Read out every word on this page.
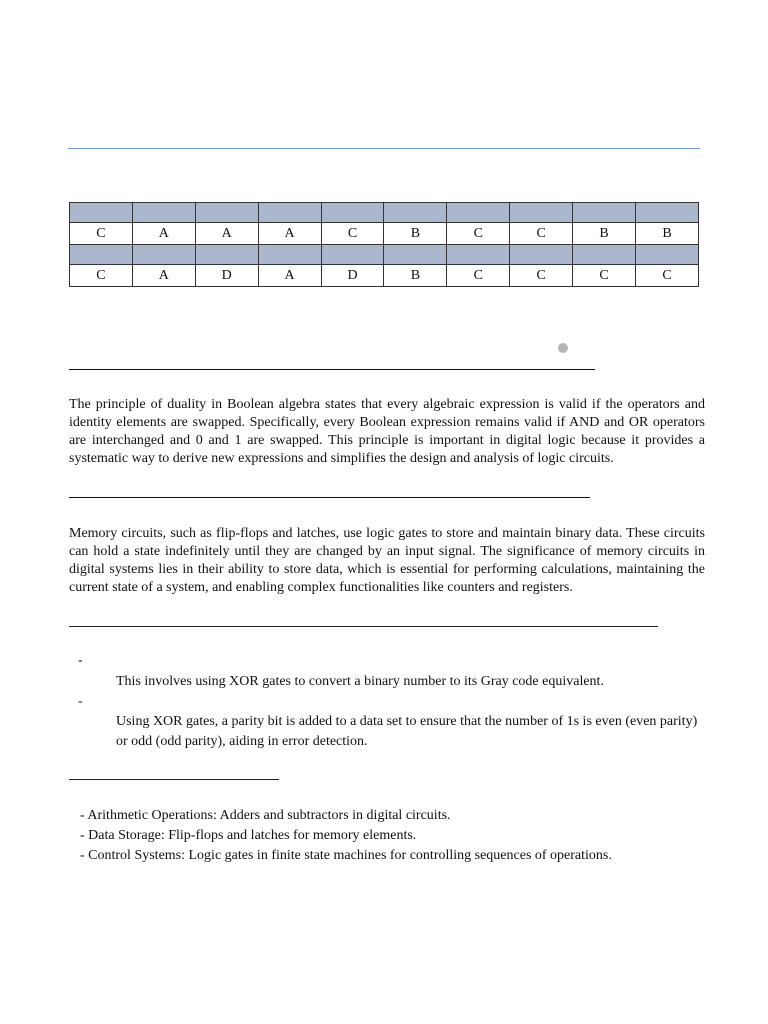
C	A	A	A	C	B	C	C	B	B

C	A	D	A	D	B	C	C	C	C

The principle of duality in Boolean algebra states that every algebraic expression is valid if the operators and identity elements are swapped. Specifically, every Boolean expression remains valid if AND and OR operators are interchanged and 0 and 1 are swapped. This principle is important in digital logic because it provides a systematic way to derive new expressions and simplifies the design and analysis of logic circuits.

Memory circuits, such as flip-flops and latches, use logic gates to store and maintain binary data. These circuits can hold a state indefinitely until they are changed by an input signal. The significance of memory circuits in digital systems lies in their ability to store data, which is essential for performing calculations, maintaining the current state of a system, and enabling complex functionalities like counters and registers.

-

This involves using XOR gates to convert a binary number to its Gray code equivalent.

-

Using XOR gates, a parity bit is added to a data set to ensure that the number of 1s is even (even parity) or odd (odd parity), aiding in error detection.

- Arithmetic Operations: Adders and subtractors in digital circuits.
- Data Storage: Flip-flops and latches for memory elements.
- Control Systems: Logic gates in finite state machines for controlling sequences of operations.
